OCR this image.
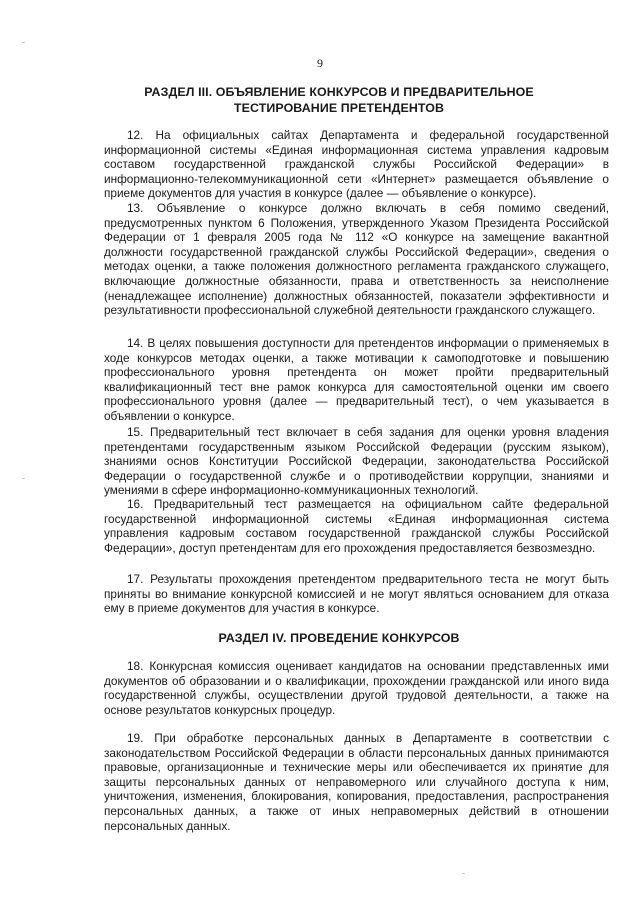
9
РАЗДЕЛ III. ОБЪЯВЛЕНИЕ КОНКУРСОВ И ПРЕДВАРИТЕЛЬНОЕ
ТЕСТИРОВАНИЕ ПРЕТЕНДЕНТОВ

12. На официальных сайтах Департамента и федеральной государственной информационной системы «Единая информационная система управления кадровым составом государственной гражданской службы Российской Федерации» в информационно-телекоммуникационной сети «Интернет» размещается объявление о приеме документов для участия в конкурсе (далее — объявление о конкурсе).

13. Объявление о конкурсе должно включать в себя помимо сведений, предусмотренных пунктом 6 Положения, утвержденного Указом Президента Российской Федерации от 1 февраля 2005 года № 112 «О конкурсе на замещение вакантной должности государственной гражданской службы Российской Федерации», сведения о методах оценки, а также положения должностного регламента гражданского служащего, включающие должностные обязанности, права и ответственность за неисполнение (ненадлежащее исполнение) должностных обязанностей, показатели эффективности и результативности профессиональной служебной деятельности гражданского служащего.

14. В целях повышения доступности для претендентов информации о применяемых в ходе конкурсов методах оценки, а также мотивации к самоподготовке и повышению профессионального уровня претендента он может пройти предварительный квалификационный тест вне рамок конкурса для самостоятельной оценки им своего профессионального уровня (далее — предварительный тест), о чем указывается в объявлении о конкурсе.

15. Предварительный тест включает в себя задания для оценки уровня владения претендентами государственным языком Российской Федерации (русским языком), знаниями основ Конституции Российской Федерации, законодательства Российской Федерации о государственной службе и о противодействии коррупции, знаниями и умениями в сфере информационно-коммуникационных технологий.

16. Предварительный тест размещается на официальном сайте федеральной государственной информационной системы «Единая информационная система управления кадровым составом государственной гражданской службы Российской Федерации», доступ претендентам для его прохождения предоставляется безвозмездно.

17. Результаты прохождения претендентом предварительного теста не могут быть приняты во внимание конкурсной комиссией и не могут являться основанием для отказа ему в приеме документов для участия в конкурсе.

РАЗДЕЛ IV. ПРОВЕДЕНИЕ КОНКУРСОВ

18. Конкурсная комиссия оценивает кандидатов на основании представленных ими документов об образовании и о квалификации, прохождении гражданской или иного вида государственной службы, осуществлении другой трудовой деятельности, а также на основе результатов конкурсных процедур.

19. При обработке персональных данных в Департаменте в соответствии с законодательством Российской Федерации в области персональных данных принимаются правовые, организационные и технические меры или обеспечивается их принятие для защиты персональных данных от неправомерного или случайного доступа к ним, уничтожения, изменения, блокирования, копирования, предоставления, распространения персональных данных, а также от иных неправомерных действий в отношении персональных данных.
